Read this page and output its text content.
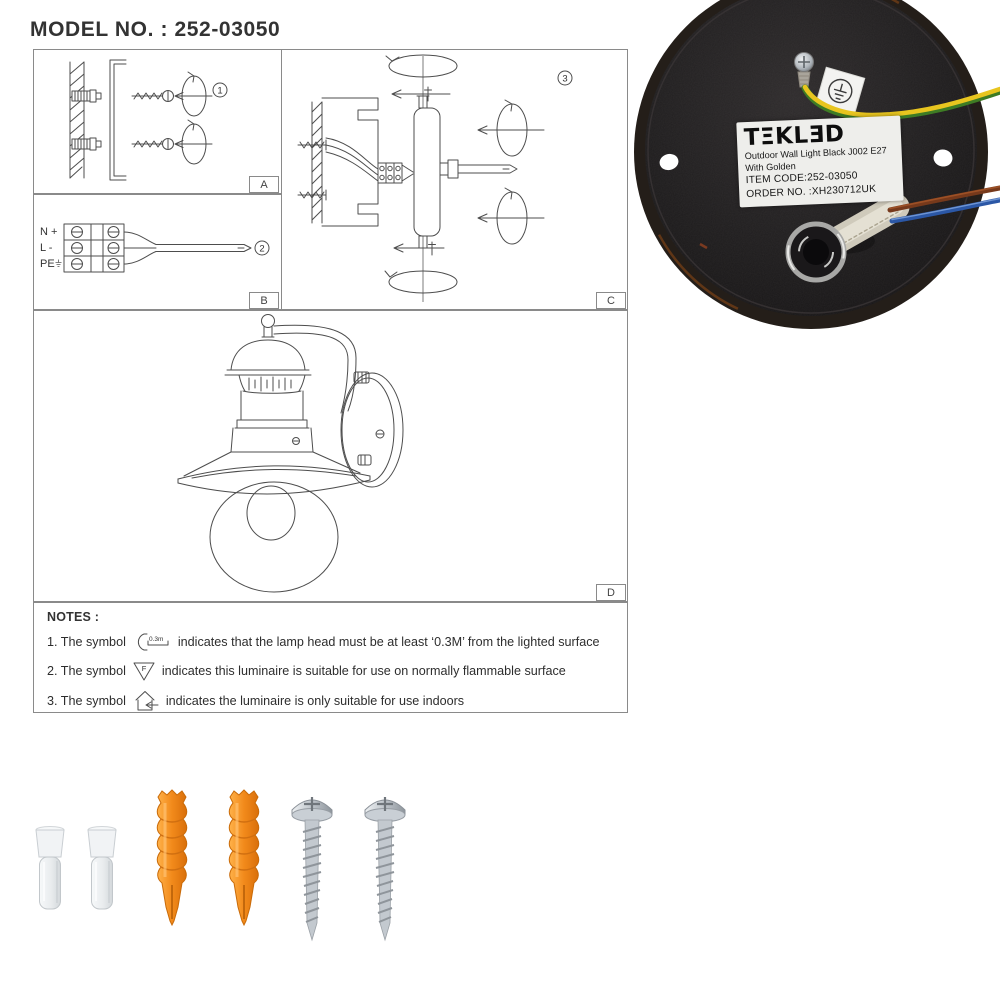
MODEL NO. : 252-03050
1
N +
L -
PE
2
3
A
B	C
D
NOTES :
1. The symbol	0.3m indicates that the lamp head must be at least ‘0.3M’ from the lighted surface
2. The symbol F indicates this luminaire is suitable for use on normally flammable surface
3. The symbol	indicates the luminaire is only suitable for use indoors
TΞKLƎD
Outdoor Wall Light Black J002 E27
With Golden
ITEM CODE:252-03050
ORDER NO. :XH230712UK
